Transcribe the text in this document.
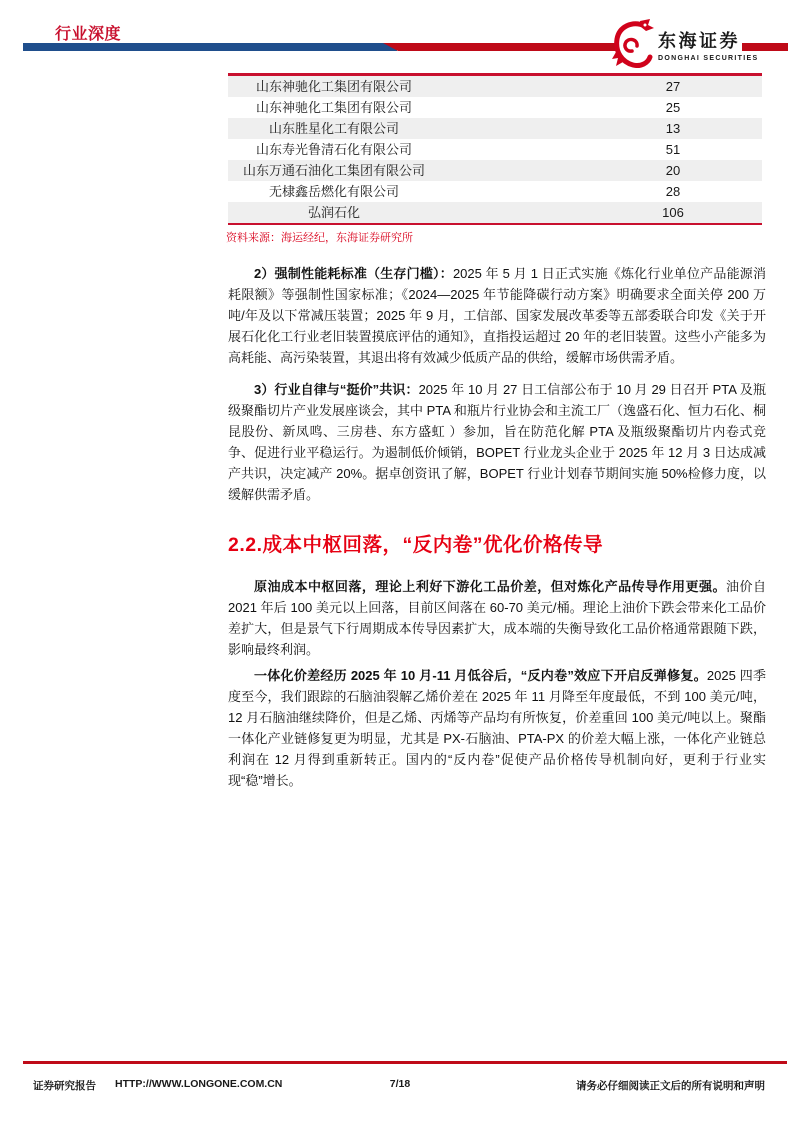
行业深度	东海证券
DONGHAI SECURITIES
山东神驰化工集团有限公司	27
山东神驰化工集团有限公司	25
山东胜星化工有限公司	13
山东寿光鲁清石化有限公司	51
山东万通石油化工集团有限公司	20
无棣鑫岳燃化有限公司	28
弘润石化	106
资料来源：海运经纪，东海证券研究所

2）强制性能耗标准（生存门槛）：2025 年 5 月 1 日正式实施《炼化行业单位产品能源消耗限额》等强制性国家标准；《2024—2025 年节能降碳行动方案》明确要求全面关停 200 万吨/年及以下常减压装置；2025 年 9 月，工信部、国家发展改革委等五部委联合印发《关于开展石化化工行业老旧装置摸底评估的通知》，直指投运超过 20 年的老旧装置。这些小产能多为高耗能、高污染装置，其退出将有效减少低质产品的供给，缓解市场供需矛盾。

3）行业自律与“挺价”共识：2025 年 10 月 27 日工信部公布于 10 月 29 日召开 PTA 及瓶级聚酯切片产业发展座谈会，其中 PTA 和瓶片行业协会和主流工厂（逸盛石化、恒力石化、桐昆股份、新凤鸣、三房巷、东方盛虹 ）参加，旨在防范化解 PTA 及瓶级聚酯切片内卷式竞争、促进行业平稳运行。为遏制低价倾销，BOPET 行业龙头企业于 2025 年 12 月 3 日达成减产共识，决定减产 20%。据卓创资讯了解，BOPET 行业计划春节期间实施 50%检修力度，以缓解供需矛盾。

2.2.成本中枢回落，“反内卷”优化价格传导

原油成本中枢回落，理论上利好下游化工品价差，但对炼化产品传导作用更强。油价自 2021 年后 100 美元以上回落，目前区间落在 60-70 美元/桶。理论上油价下跌会带来化工品价差扩大，但是景气下行周期成本传导因素扩大，成本端的失衡导致化工品价格通常跟随下跌，影响最终利润。

一体化价差经历 2025 年 10 月-11 月低谷后，“反内卷”效应下开启反弹修复。2025 四季度至今，我们跟踪的石脑油裂解乙烯价差在 2025 年 11 月降至年度最低，不到 100 美元/吨，12 月石脑油继续降价，但是乙烯、丙烯等产品均有所恢复，价差重回 100 美元/吨以上。聚酯一体化产业链修复更为明显，尤其是 PX-石脑油、PTA-PX 的价差大幅上涨，一体化产业链总利润在 12 月得到重新转正。国内的“反内卷”促使产品价格传导机制向好，更利于行业实现“稳”增长。

证券研究报告 HTTP://WWW.LONGONE.COM.CN	7/18	请务必仔细阅读正文后的所有说明和声明
